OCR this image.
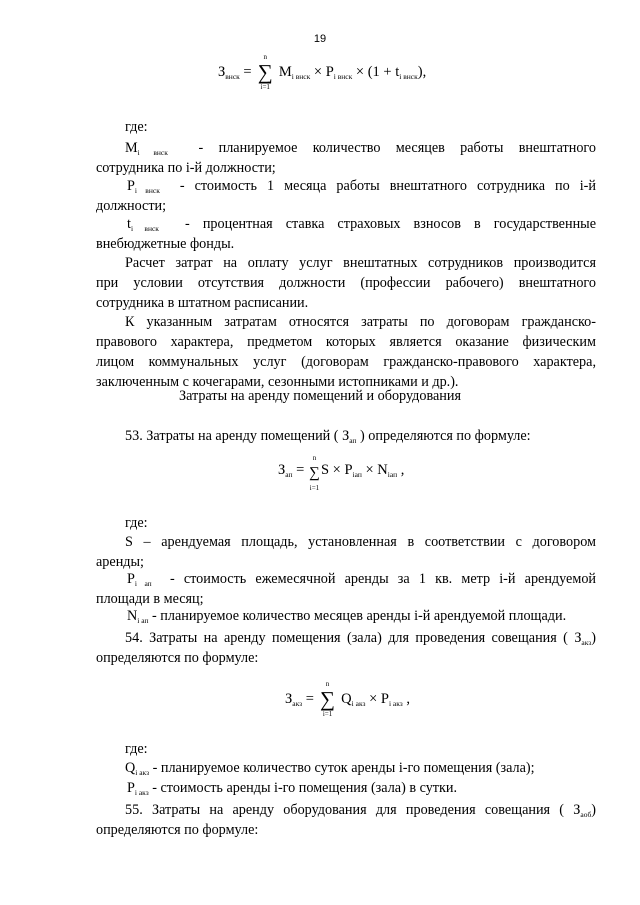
19
$З_{внск}$ = ∑
n
i=1
$M_{i внск} \times P_{i внск} \times (1 + t_{i внск})$,
где:
$M_{i внск}$ - планируемое количество месяцев работы внештатного
сотрудника по i-й должности;
$P_{i внск}$ - стоимость 1 месяца работы внештатного сотрудника по i-й
должности;
$t_{i внск}$ - процентная ставка страховых взносов в государственные
внебюджетные фонды.
Расчет затрат на оплату услуг внештатных сотрудников производится
при условии отсутствия должности (профессии рабочего) внештатного
сотрудника в штатном расписании.
К указанным затратам относятся затраты по договорам гражданско-
правового характера, предметом которых является оказание физическим
лицом коммунальных услуг (договорам гражданско-правового характера,
заключенным с кочегарами, сезонными истопниками и др.).
Затраты на аренду помещений и оборудования
53. Затраты на аренду помещений ( $З_{ап}$ ) определяются по формуле:
$З_{ап}$ = ∑
n
i=1
$S \times P_{iап} \times N_{iап}$ ,
где:
S – арендуемая площадь, установленная в соответствии с договором
аренды;
$P_{i ап}$ - стоимость ежемесячной аренды за 1 кв. метр i-й арендуемой
площади в месяц;
$N_{i ап}$ - планируемое количество месяцев аренды i-й арендуемой площади.
54. Затраты на аренду помещения (зала) для проведения совещания ( $З_{акз}$)
определяются по формуле:
$З_{акз}$ = ∑
n
i=1
$Q_{i акз} \times P_{i акз}$ ,
где:
$Q_{i акз}$ - планируемое количество суток аренды i-го помещения (зала);
$P_{i акз}$ - стоимость аренды i-го помещения (зала) в сутки.
55. Затраты на аренду оборудования для проведения совещания ( $З_{аоб}$)
определяются по формуле:
